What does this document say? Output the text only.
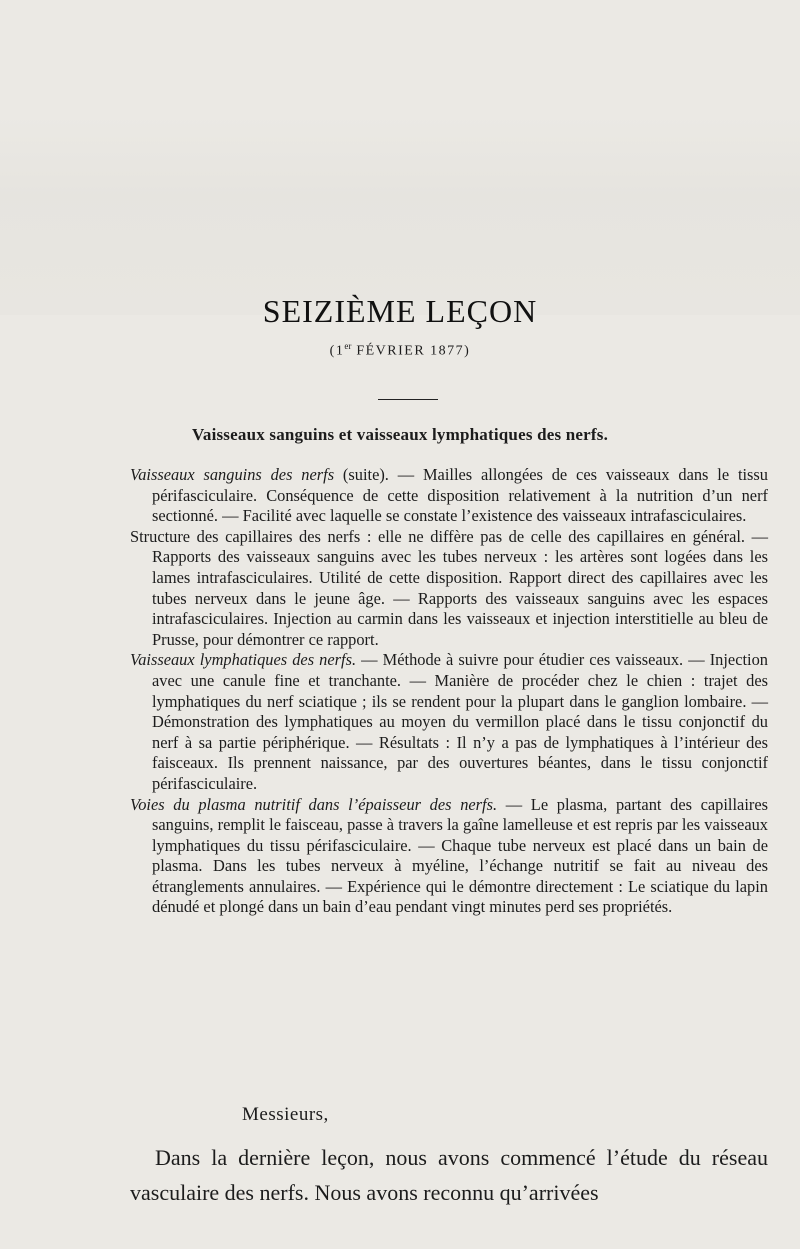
SEIZIÈME LEÇON
(1er FÉVRIER 1877)
Vaisseaux sanguins et vaisseaux lymphatiques des nerfs.

Vaisseaux sanguins des nerfs (suite). — Mailles allongées de ces vaisseaux dans le tissu périfasciculaire. Conséquence de cette disposition relativement à la nutrition d’un nerf sectionné. — Facilité avec laquelle se constate l’existence des vaisseaux intrafasciculaires.

Structure des capillaires des nerfs : elle ne diffère pas de celle des capillaires en général. — Rapports des vaisseaux sanguins avec les tubes nerveux : les artères sont logées dans les lames intrafasciculaires. Utilité de cette disposition. Rapport direct des capillaires avec les tubes nerveux dans le jeune âge. — Rapports des vaisseaux sanguins avec les espaces intrafasciculaires. Injection au carmin dans les vaisseaux et injection interstitielle au bleu de Prusse, pour démontrer ce rapport.

Vaisseaux lymphatiques des nerfs. — Méthode à suivre pour étudier ces vaisseaux. — Injection avec une canule fine et tranchante. — Manière de procéder chez le chien : trajet des lymphatiques du nerf sciatique ; ils se rendent pour la plupart dans le ganglion lombaire. — Démonstration des lymphatiques au moyen du vermillon placé dans le tissu conjonctif du nerf à sa partie périphérique. — Résultats : Il n’y a pas de lymphatiques à l’intérieur des faisceaux. Ils prennent naissance, par des ouvertures béantes, dans le tissu conjonctif périfasciculaire.

Voies du plasma nutritif dans l’épaisseur des nerfs. — Le plasma, partant des capillaires sanguins, remplit le faisceau, passe à travers la gaîne lamelleuse et est repris par les vaisseaux lymphatiques du tissu périfasciculaire. — Chaque tube nerveux est placé dans un bain de plasma. Dans les tubes nerveux à myéline, l’échange nutritif se fait au niveau des étranglements annulaires. — Expérience qui le démontre directement : Le sciatique du lapin dénudé et plongé dans un bain d’eau pendant vingt minutes perd ses propriétés.

Messieurs,

Dans la dernière leçon, nous avons commencé l’étude du réseau vasculaire des nerfs. Nous avons reconnu qu’arrivées
